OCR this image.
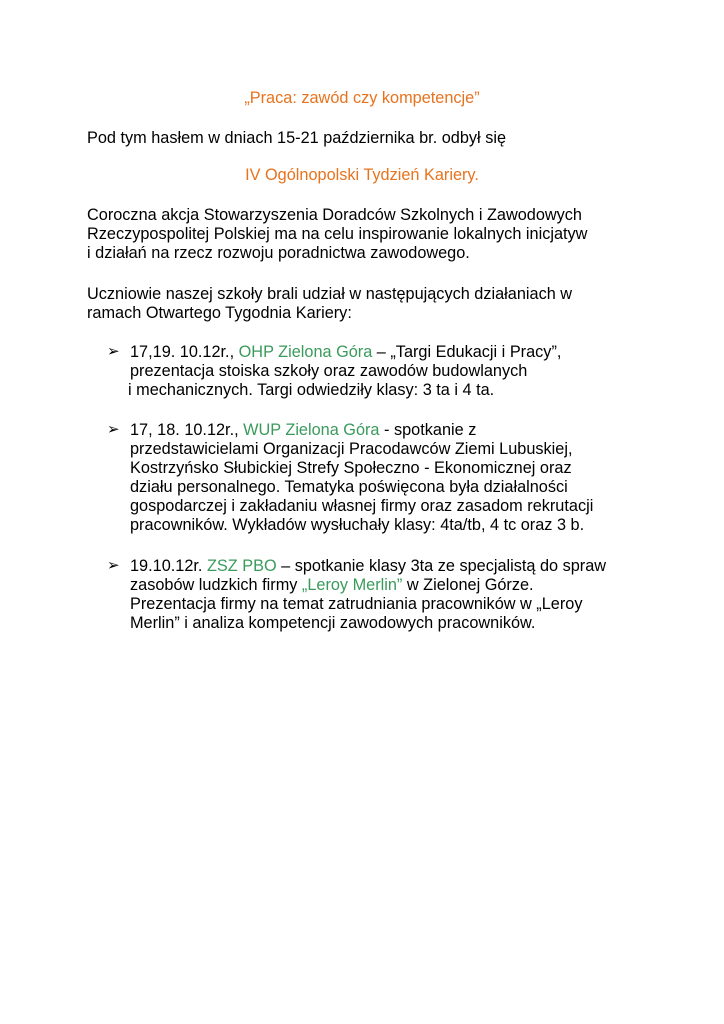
„Praca: zawód czy kompetencje”

Pod tym hasłem w dniach 15-21 października br. odbył się

IV Ogólnopolski Tydzień Kariery.

Coroczna akcja Stowarzyszenia Doradców Szkolnych i Zawodowych

Rzeczypospolitej Polskiej ma na celu inspirowanie lokalnych inicjatyw

i działań na rzecz rozwoju poradnictwa zawodowego.

Uczniowie naszej szkoły brali udział w następujących działaniach w

ramach Otwartego Tygodnia Kariery:

➢ 17,19. 10.12r., OHP Zielona Góra – „Targi Edukacji i Pracy”,

prezentacja stoiska szkoły oraz zawodów budowlanych

i mechanicznych. Targi odwiedziły klasy: 3 ta i 4 ta.

➢ 17, 18. 10.12r., WUP Zielona Góra - spotkanie z

przedstawicielami Organizacji Pracodawców Ziemi Lubuskiej,

Kostrzyńsko Słubickiej Strefy Społeczno - Ekonomicznej oraz

działu personalnego. Tematyka poświęcona była działalności

gospodarczej i zakładaniu własnej firmy oraz zasadom rekrutacji

pracowników. Wykładów wysłuchały klasy: 4ta/tb, 4 tc oraz 3 b.

➢ 19.10.12r. ZSZ PBO – spotkanie klasy 3ta ze specjalistą do spraw

zasobów ludzkich firmy „Leroy Merlin” w Zielonej Górze.

Prezentacja firmy na temat zatrudniania pracowników w „Leroy

Merlin” i analiza kompetencji zawodowych pracowników.
